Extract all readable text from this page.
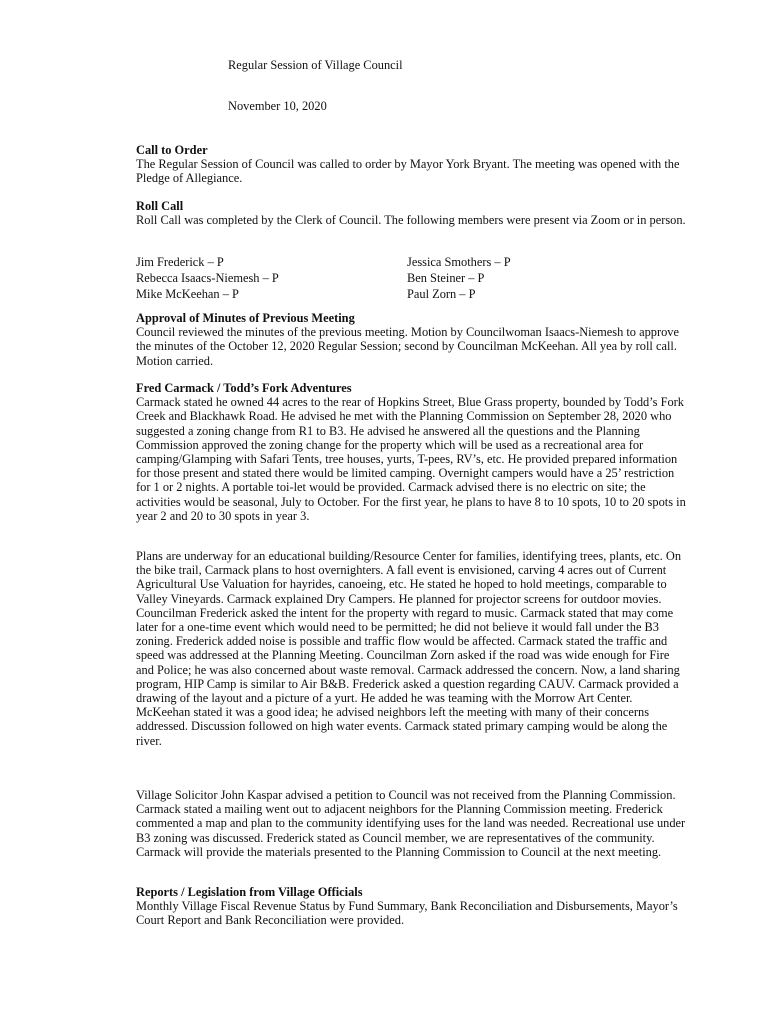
Regular Session of Village Council
November 10, 2020
Call to Order
The Regular Session of Council was called to order by Mayor York Bryant. The meeting was opened with the Pledge of Allegiance.
Roll Call
Roll Call was completed by the Clerk of Council. The following members were present via Zoom or in person.
Jim Frederick – P
Rebecca Isaacs-Niemesh – P
Mike McKeehan – P
Jessica Smothers – P
Ben Steiner – P
Paul Zorn – P
Approval of Minutes of Previous Meeting
Council reviewed the minutes of the previous meeting. Motion by Councilwoman Isaacs-Niemesh to approve the minutes of the October 12, 2020 Regular Session; second by Councilman McKeehan. All yea by roll call. Motion carried.
Fred Carmack / Todd’s Fork Adventures
Carmack stated he owned 44 acres to the rear of Hopkins Street, Blue Grass property, bounded by Todd’s Fork Creek and Blackhawk Road. He advised he met with the Planning Commission on September 28, 2020 who suggested a zoning change from R1 to B3. He advised he answered all the questions and the Planning Commission approved the zoning change for the property which will be used as a recreational area for camping/Glamping with Safari Tents, tree houses, yurts, T-pees, RV’s, etc. He provided prepared information for those present and stated there would be limited camping. Overnight campers would have a 25’ restriction for 1 or 2 nights. A portable toi-let would be provided. Carmack advised there is no electric on site; the activities would be seasonal, July to October. For the first year, he plans to have 8 to 10 spots, 10 to 20 spots in year 2 and 20 to 30 spots in year 3.
Plans are underway for an educational building/Resource Center for families, identifying trees, plants, etc. On the bike trail, Carmack plans to host overnighters. A fall event is envisioned, carving 4 acres out of Current Agricultural Use Valuation for hayrides, canoeing, etc. He stated he hoped to hold meetings, comparable to Valley Vineyards. Carmack explained Dry Campers. He planned for projector screens for outdoor movies. Councilman Frederick asked the intent for the property with regard to music. Carmack stated that may come later for a one-time event which would need to be permitted; he did not believe it would fall under the B3 zoning. Frederick added noise is possible and traffic flow would be affected. Carmack stated the traffic and speed was addressed at the Planning Meeting. Councilman Zorn asked if the road was wide enough for Fire and Police; he was also concerned about waste removal. Carmack addressed the concern. Now, a land sharing program, HIP Camp is similar to Air B&B. Frederick asked a question regarding CAUV. Carmack provided a drawing of the layout and a picture of a yurt. He added he was teaming with the Morrow Art Center. McKeehan stated it was a good idea; he advised neighbors left the meeting with many of their concerns addressed. Discussion followed on high water events. Carmack stated primary camping would be along the river.
Village Solicitor John Kaspar advised a petition to Council was not received from the Planning Commission. Carmack stated a mailing went out to adjacent neighbors for the Planning Commission meeting. Frederick commented a map and plan to the community identifying uses for the land was needed. Recreational use under B3 zoning was discussed. Frederick stated as Council member, we are representatives of the community. Carmack will provide the materials presented to the Planning Commission to Council at the next meeting.
Reports / Legislation from Village Officials
Monthly Village Fiscal Revenue Status by Fund Summary, Bank Reconciliation and Disbursements, Mayor’s Court Report and Bank Reconciliation were provided.
